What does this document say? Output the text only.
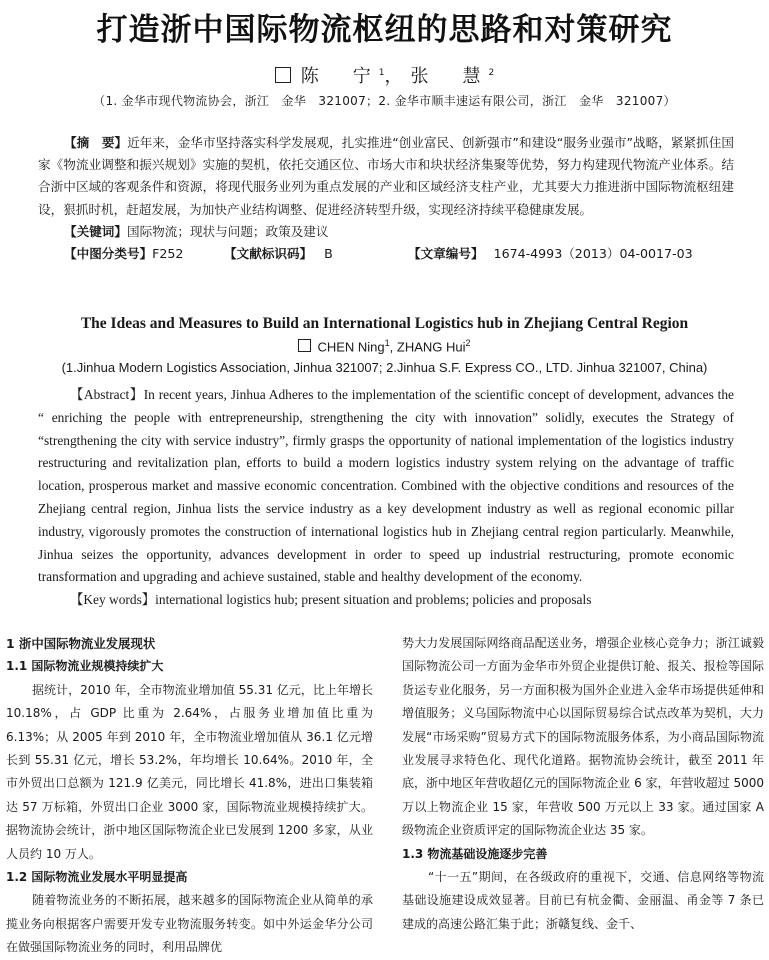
打造浙中国际物流枢纽的思路和对策研究
陈　宁$^1$，张　慧$^2$
（1. 金华市现代物流协会，浙江　金华　321007；2. 金华市顺丰速运有限公司，浙江　金华　321007）
【摘　要】近年来，金华市坚持落实科学发展观，扎实推进“创业富民、创新强市”和建设“服务业强市”战略，紧紧抓住国家《物流业调整和振兴规划》实施的契机，依托交通区位、市场大市和块状经济集聚等优势，努力构建现代物流产业体系。结合浙中区域的客观条件和资源，将现代服务业列为重点发展的产业和区域经济支柱产业，尤其要大力推进浙中国际物流枢纽建设，狠抓时机，赶超发展，为加快产业结构调整、促进经济转型升级，实现经济持续平稳健康发展。
【关键词】国际物流；现状与问题；政策及建议
【中图分类号】F252	【文献标识码】 B	【文章编号】 1674-4993（2013）04-0017-03
The Ideas and Measures to Build an International Logistics hub in Zhejiang Central Region
CHEN Ning$^1$, ZHANG Hui$^2$
(1.Jinhua Modern Logistics Association, Jinhua 321007; 2.Jinhua S.F. Express CO., LTD. Jinhua 321007, China)
【Abstract】In recent years, Jinhua Adheres to the implementation of the scientific concept of development, advances the “ enriching the people with entrepreneurship, strengthening the city with innovation” solidly, executes the Strategy of “strengthening the city with service industry”, firmly grasps the opportunity of national implementation of the logistics industry restructuring and revitalization plan, efforts to build a modern logistics industry system relying on the advantage of traffic location, prosperous market and massive economic concentration. Combined with the objective conditions and resources of the Zhejiang central region, Jinhua lists the service industry as a key development industry as well as regional economic pillar industry, vigorously promotes the construction of international logistics hub in Zhejiang central region particularly. Meanwhile, Jinhua seizes the opportunity, advances development in order to speed up industrial restructuring, promote economic transformation and upgrading and achieve sustained, stable and healthy development of the economy.
【Key words】international logistics hub; present situation and problems; policies and proposals
1 浙中国际物流业发展现状
1.1 国际物流业规模持续扩大

据统计，2010 年，全市物流业增加值 55.31 亿元，比上年增长 10.18%，占 GDP 比重为 2.64%，占服务业增加值比重为 6.13%；从 2005 年到 2010 年，全市物流业增加值从 36.1 亿元增长到 55.31 亿元，增长 53.2%，年均增长 10.64%。2010 年，全市外贸出口总额为 121.9 亿美元，同比增长 41.8%，进出口集装箱达 57 万标箱，外贸出口企业 3000 家，国际物流业规模持续扩大。据物流协会统计，浙中地区国际物流企业已发展到 1200 多家，从业人员约 10 万人。

1.2 国际物流业发展水平明显提高

随着物流业务的不断拓展，越来越多的国际物流企业从简单的承揽业务向根据客户需要开发专业物流服务转变。如中外运金华分公司在做强国际物流业务的同时，利用品牌优

势大力发展国际网络商品配送业务，增强企业核心竞争力；浙江诚毅国际物流公司一方面为金华市外贸企业提供订舱、报关、报检等国际货运专业化服务，另一方面积极为国外企业进入金华市场提供延伸和增值服务；义乌国际物流中心以国际贸易综合试点改革为契机，大力发展“市场采购”贸易方式下的国际物流服务体系，为小商品国际物流业发展寻求特色化、现代化道路。据物流协会统计，截至 2011 年底，浙中地区年营收超亿元的国际物流企业 6 家，年营收超过 5000 万以上物流企业 15 家，年营收 500 万元以上 33 家。通过国家 A 级物流企业资质评定的国际物流企业达 35 家。

1.3 物流基础设施逐步完善

“十一五”期间，在各级政府的重视下，交通、信息网络等物流基础设施建设成效显著。目前已有杭金衢、金丽温、甬金等 7 条已建成的高速公路汇集于此；浙赣复线、金千、
